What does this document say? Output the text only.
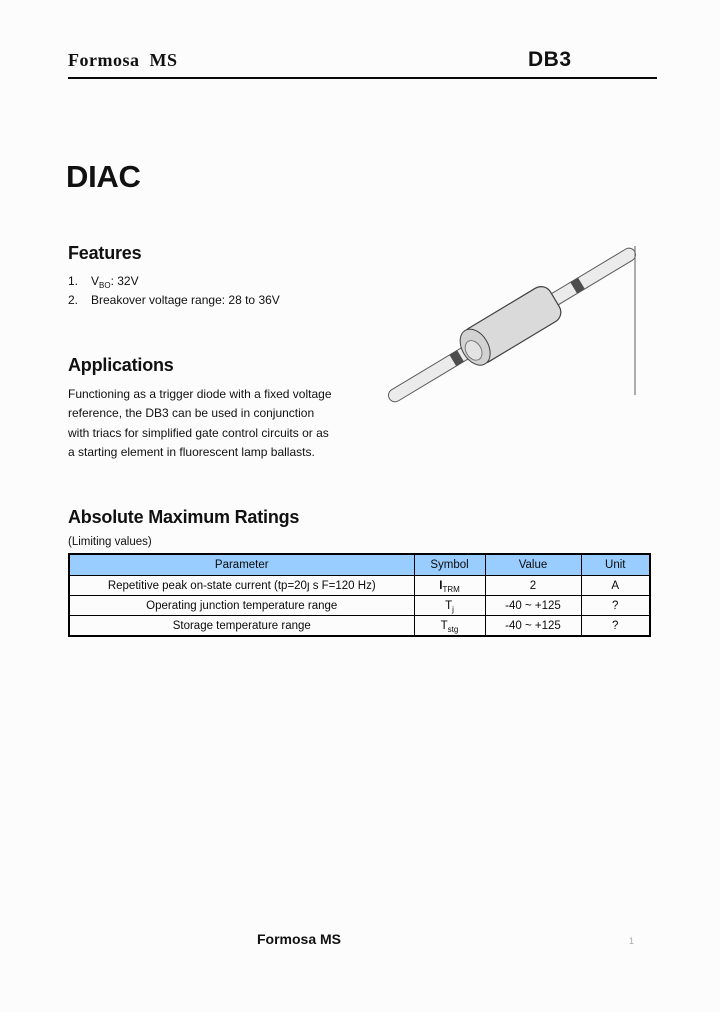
Formosa  MS	DB3
DIAC
Features
1.	$V_{BO}$: 32V
2.	Breakover voltage range: 28 to 36V
Applications
Functioning as a trigger diode with a fixed voltage
reference, the DB3 can be used in conjunction
with triacs for simplified gate control circuits or as
a starting element in fluorescent lamp ballasts.
Absolute Maximum Ratings
(Limiting values)
Parameter	Symbol	Value	Unit
Repetitive peak on-state current (tp=20ȷ s F=120 Hz)	$I_{TRM}$	2	A
Operating junction temperature range	$T_j$	-40 ~ +125	?
Storage temperature range	$T_{stg}$	-40 ~ +125	?
Formosa MS	1
